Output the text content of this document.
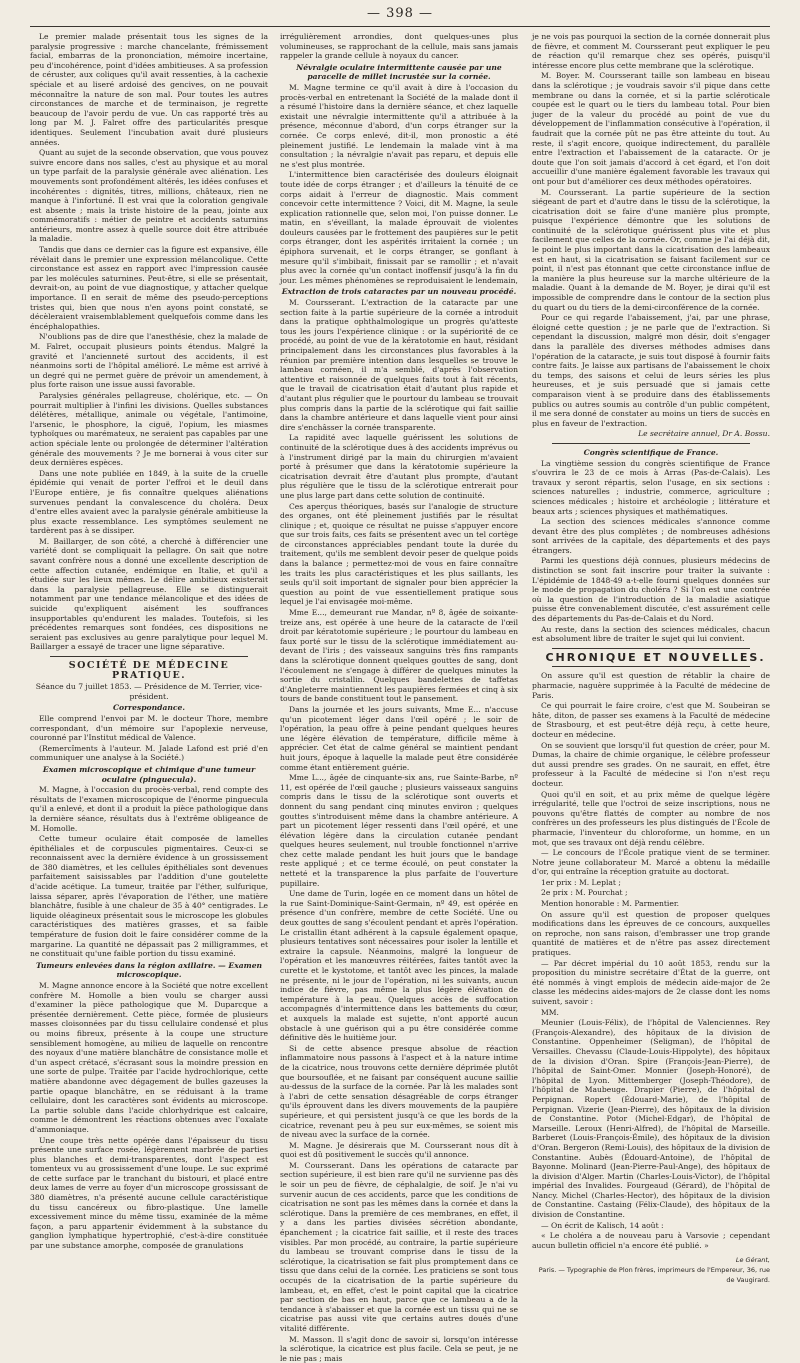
— 398 —

Le premier malade présentait tous les signes de la paralysie progressive : marche chancelante, frémissement facial, embarras de la prononciation, mémoire incertaine, peu d'incohérence, point d'idées ambitieuses. A sa profession de céruster, aux coliques qu'il avait ressenties, à la cachexie spéciale et au liseré ardoisé des gencives, on ne pouvait méconnaître la nature de son mal. Pour toutes les autres circonstances de marche et de terminaison, je regrette beaucoup de l'avoir perdu de vue. Un cas rapporté très au long par M. J. Falret offre des particularités presque identiques. Seulement l'incubation avait duré plusieurs années.

Quant au sujet de la seconde observation, que vous pouvez suivre encore dans nos salles, c'est au physique et au moral un type parfait de la paralysie générale avec aliénation. Les mouvements sont profondément altérés, les idées confuses et incohérentes : dignités, titres, millions, châteaux, rien ne manque à l'infortuné. Il est vrai que la coloration gengivale est absente ; mais la triste histoire de la peau, jointe aux commémoratifs : métier de peintre et accidents saturnins antérieurs, montre assez à quelle source doit être attribuée la maladie.

Tandis que dans ce dernier cas la figure est expansive, élle révèlait dans le premier une expression mélancolique. Cette circonstance est assez en rapport avec l'impression causée par les molécules saturnines. Peut-être, si elle se présentait, devrait-on, au point de vue diagnostique, y attacher quelque importance. Il en serait de même des pseudo-perceptions tristes qui, bien que nous n'en ayons point constaté, se décèleraient vraisemblablement quelquefois comme dans les éncéphalopathies.

N'oublions pas de dire que l'anesthésie, chez la malade de M. Falret, occupait plusieurs points étendus. Malgré la gravité et l'ancienneté surtout des accidents, il est néanmoins sorti de l'hôpital amélioré. Le même est arrivé à un degré qui ne permet guère de prévoir un amendement, à plus forte raison une issue aussi favorable.

Paralysies générales pellagreuse, cholérique, etc. — On pourrait multiplier à l'infini les divisions. Quelles substances délétères, métallique, animale ou végétale, l'antimoine, l'arsenic, le phosphore, la ciguë, l'opium, les miasmes typhoïques ou marémateux, ne seraient pas capables par une action spéciale lente ou prolongée de déterminer l'altération générale des mouvements ? Je me bornerai à vous citer sur deux dernières espèces.

Dans une note publiée en 1849, à la suite de la cruelle épidémie qui venait de porter l'effroi et le deuil dans l'Europe entière, je fis connaître quelques aliénations survenues pendant la convalescence du choléra. Deux d'entre elles avaient avec la paralysie générale ambitieuse la plus exacte ressemblance. Les symptômes seulement ne tardèrent pas à se dissiper.

M. Baillarger, de son côté, a cherché à différencier une variété dont se compliquait la pellagre. On sait que notre savant confrère nous a donné une excellente description de cette affection cutanée, endémique en Italie, et qu'il a étudiée sur les lieux mêmes. Le délire ambitieux existerait dans la paralysie pellagreuse. Elle se distinguerait notamment par une tendance mélancolique et des idées de suicide qu'expliquent aisément les souffrances insupportables qu'endurent les malades. Toutefois, si les précédentes remarques sont fondées, ces dispositions ne seraient pas exclusives au genre paralytique pour lequel M. Baillarger a essayé de tracer une ligne séparative.

SOCIÉTÉ DE MÉDECINE PRATIQUE.

Séance du 7 juillet 1853. — Présidence de M. Terrier, vice-président.

Correspondance.

Elle comprend l'envoi par M. le docteur Thore, membre correspondant, d'un mémoire sur l'apoplexie nerveuse, couronné par l'Institut médical de Valence.

(Remercîments à l'auteur. M. Jalade Lafond est prié d'en communiquer une analyse à la Société.)

Examen microscopique et chimique d'une tumeur oculaire (pinguecula).

M. Magne, à l'occasion du procès-verbal, rend compte des résultats de l'examen microscopique de l'énorme pinguecula qu'il a enlevé, et dont il a produit la pièce pathologique dans la dernière séance, résultats dus à l'extrême obligeance de M. Homolle.

Cette tumeur oculaire était composée de lamelles épithéliales et de corpuscules pigmentaires. Ceux-ci se reconnaissent avec la dernière évidence à un grossissement de 380 diamètres, et les cellules épithéliales sont devenues parfaitement saisissables par l'addition d'une goutelette d'acide acétique. La tumeur, traitée par l'éther, sulfurique, laissa séparer, après l'évaporation de l'éther, une matière blanchâtre, fusible à une chaleur de 35 à 40° centigrades. Le liquide oléagineux présentait sous le microscope les globules caractéristiques des matières grasses, et sa faible température de fusion doit le faire considérer comme de la margarine. La quantité ne dépassait pas 2 milligrammes, et ne constituait qu'une faible portion du tissu examiné.

Tumeurs enlevées dans la région axillaire. — Examen microscopique.

M. Magne annonce encore à la Société que notre excellent confrère M. Homolle a bien voulu se charger aussi d'examiner la pièce pathologique que M. Duparcque a présentée dernièrement. Cette pièce, formée de plusieurs masses cloisonnées par du tissu cellulaire condensé et plus ou moins fibreux, présente à la coupe une structure sensiblement homogène, au milieu de laquelle on rencontre des noyaux d'une matière blanchâtre de consistance molle et d'un aspect crétacé, s'écrasant sous la moindre pression en une sorte de pulpe. Traitée par l'acide hydrochlorique, cette matière abandonne avec dégagement de bulles gazeuses la partie opaque blanchâtre, en se réduisant à la trame cellulaire, dont les caractères sont évidents au microscope. La partie soluble dans l'acide chlorhydrique est calcaire, comme le démontrent les réactions obtenues avec l'oxalate d'ammoniaque.

Une coupe très nette opérée dans l'épaisseur du tissu présente une surface rosée, légèrement marbrée de parties plus blanches et demi-transparentes, dont l'aspect est tomenteux vu au grossissement d'une loupe. Le suc exprimé de cette surface par le tranchant du bistouri, et placé entre deux lames de verre au foyer d'un microscope grossissant de 380 diamètres, n'a présenté aucune cellule caractéristique du tissu cancéreux ou fibro-plastique. Une lamelle excessivement mince du même tissu, examinée de la même façon, a paru appartenir évidemment à la substance du ganglion lymphatique hypertrophié, c'est-à-dire constituée par une substance amorphe, composée de granulations

irrégulièrement arrondies, dont quelques-unes plus volumineuses, se rapprochant de la cellule, mais sans jamais rappeler la grande cellule à noyaux du cancer.

Névralgie oculaire intermittente causée par une paracelle de millet incrustée sur la cornée.

M. Magne termine ce qu'il avait à dire à l'occasion du procès-verbal en entretenant la Société de la malade dont il a résumé l'histoire dans la dernière séance, et chez laquelle existait une névralgie intermittente qu'il a attribuée à la présence, méconnue d'abord, d'un corps étranger sur la cornée. Ce corps enlevé, dit-il, mon pronostic a été pleinement justifié. Le lendemain la malade vint à ma consultation ; la névralgie n'avait pas reparu, et depuis elle ne s'est plus montrée.

L'intermittence bien caractérisée des douleurs éloignait toute idée de corps étranger ; et d'ailleurs la ténuité de ce corps aidait à l'erreur de diagnostic. Mais comment concevoir cette intermittence ? Voici, dit M. Magne, la seule explication rationnelle que, selon moi, l'on puisse donner. Le matin, en s'éveillant, la malade éprouvait de violentes douleurs causées par le frottement des paupières sur le petit corps étranger, dont les aspérités irritaient la cornée ; un épiphora survenait, et le corps étranger, se gonflant à mesure qu'il s'imbibait, finissait par se ramollir ; et n'avait plus avec la cornée qu'un contact inoffensif jusqu'à la fin du jour. Les mêmes phénomènes se reproduisaient le lendemain,

Extraction de trois cataractes par un nouveau procédé.

M. Coursserant. L'extraction de la cataracte par une section faite à la partie supérieure de la cornée a introduit dans la pratique ophthalmologique un progrès qu'atteste tous les jours l'expérience clinique : or la supériorité de ce procédé, au point de vue de la kératotomie en haut, résidant principalement dans les circonstances plus favorables à la réunion par première intention dans lesquelles se trouve le lambeau cornéen, il m'a semblé, d'après l'observation attentive et raisonnée de quelques faits tout à fait récents, que le travail de cicatrisation était d'autant plus rapide et d'autant plus régulier que le pourtour du lambeau se trouvait plus compris dans la partie de la sclérotique qui fait saillie dans la chambre antérieure et dans laquelle vient pour ainsi dire s'enchâsser la cornée transparente.

La rapidité avec laquelle guérissent les solutions de continuité de la sclérotique dues à des accidents imprévus ou à l'instrument dirigé par la main du chirurgien m'avaient porté à présumer que dans la kératotomie supérieure la cicatrisation devrait être d'autant plus prompte, d'autant plus régulière que le tissu de la sclérotique entrerait pour une plus large part dans cette solution de continuité.

Ces aperçus théoriques, basés sur l'analogie de structure des organes, ont été pleinement justifiés par le résultat clinique ; et, quoique ce résultat ne puisse s'appuyer encore que sur trois faits, ces faits se présentent avec un tel cortège de circonstances appréciables pendant toute la durée du traitement, qu'ils me semblent devoir peser de quelque poids dans la balance ; permettez-moi de vous en faire connaître les traits les plus caractéristiques et les plus saillants, les seuls qu'il soit important de signaler pour bien apprécier la question au point de vue essentiellement pratique sous lequel je l'ai envisagée moi-même.

Mme E..., demeurant rue Mandar, nº 8, âgée de soixante-treize ans, est opérée à une heure de la cataracte de l'œil droit par kératotomie supérieure ; le pourtour du lambeau en faux porté sur le tissu de la sclérotique immédiatement au-devant de l'iris ; des vaisseaux sanguins très fins rampants dans la sclérotique donnent quelques gouttes de sang, dont l'écoulement ne s'engage à différer de quelques minutes la sortie du cristallin. Quelques bandelettes de taffetas d'Angleterre maintiennent les paupières fermées et cinq à six tours de bande constituent tout le pansement.

Dans la journée et les jours suivants, Mme E... n'accuse qu'un picotement léger dans l'œil opéré ; le soir de l'opération, la peau offre à peine pendant quelques heures une légère élévation de température, difficile même à apprécier. Cet état de calme général se maintient pendant huit jours, époque à laquelle la malade peut être considérée comme étant entièrement guérie.

Mme L..., âgée de cinquante-six ans, rue Sainte-Barbe, nº 11, est opérée de l'œil gauche ; plusieurs vaisseaux sanguins compris dans le tissu de la sclérotique sont ouverts et donnent du sang pendant cinq minutes environ ; quelques gouttes s'introduisent même dans la chambre antérieure. A part un picotement léger ressenti dans l'œil opéré, et une élévation légère dans la circulation cutanée pendant quelques heures seulement, nul trouble fonctionnel n'arrive chez cette malade pendant les huit jours que le bandage reste appliqué ; et ce terme écoulé, on peut constater la netteté et la transparence la plus parfaite de l'ouverture pupillaire.

Une dame de Turin, logée en ce moment dans un hôtel de la rue Saint-Dominique-Saint-Germain, nº 49, est opérée en présence d'un confrère, membre de cette Société. Une ou deux gouttes de sang s'écoulent pendant et après l'opération. Le cristallin étant adhérent à la capsule également opaque, plusieurs tentatives sont nécessaires pour isoler la lentille et extraire la capsule. Néanmoins, malgré la longueur de l'opération et les manœuvres réitérées, faites tantôt avec la curette et le kystotome, et tantôt avec les pinces, la malade ne présente, ni le jour de l'opération, ni les suivants, aucun indice de fièvre, pas même la plus légère élévation de température à la peau. Quelques accès de suffocation accompagnés d'intermittence dans les battements du cœur, et auxquels la malade est sujette, n'ont apporté aucun obstacle à une guérison qui a pu être considérée comme définitive dès le huitième jour.

Si de cette absence presque absolue de réaction inflammatoire nous passons à l'aspect et à la nature intime de la cicatrice, nous trouvons cette dernière déprimée plutôt que boursouflée, et ne faisant par conséquent aucune saillie au-dessus de la surface de la cornée. Par là les malades sont à l'abri de cette sensation désagréable de corps étranger qu'ils éprouvent dans les divers mouvements de la paupière supérieure, et qui persistent jusqu'à ce que les bords de la cicatrice, revenant peu à peu sur eux-mêmes, se soient mis de niveau avec la surface de la cornée.

M. Magne. Je désirerais que M. Coursserant nous dît à quoi est dû positivement le succès qu'il annonce.

M. Coursserant. Dans les opérations de cataracte par section supérieure, il est bien rare qu'il ne survienne pas dès le soir un peu de fièvre, de céphalalgie, de soif. Je n'ai vu survenir aucun de ces accidents, parce que les conditions de cicatrisation ne sont pas les mêmes dans la cornée et dans la sclérotique. Dans la première de ces membranes, en effet, il y a dans les parties divisées sécrétion abondante, épanchement ; la cicatrice fait saillie, et il reste des traces visibles. Par mon procédé, au contraire, la partie supérieure du lambeau se trouvant comprise dans le tissu de la sclérotique, la cicatrisation se fait plus promptement dans ce tissu que dans celui de la cornée. Les praticiens se sont tous occupés de la cicatrisation de la partie supérieure du lambeau, et, en effet, c'est le point capital que la cicatrice par section de bas en haut, parce que ce lambeau a de la tendance à s'abaisser et que la cornée est un tissu qui ne se cicatrise pas aussi vite que certains autres doués d'une vitalité différente.

M. Masson. Il s'agit donc de savoir si, lorsqu'on intéresse la sclérotique, la cicatrice est plus facile. Cela se peut, je ne le nie pas ; mais

je ne vois pas pourquoi la section de la cornée donnerait plus de fièvre, et comment M. Coursserant peut expliquer le peu de réaction qu'il remarque chez ses opérés, puisqu'il intéresse encore plus cette membrane que la sclérotique.

M. Boyer. M. Coursserant taille son lambeau en biseau dans la sclérotique ; je voudrais savoir s'il pique dans cette membrane ou dans la cornée, et si la partie scléroticale coupée est le quart ou le tiers du lambeau total. Pour bien juger de la valeur du procédé au point de vue du développement de l'inflammation consécutive à l'opération, il faudrait que la cornée pût ne pas être atteinte du tout. Au reste, il s'agit encore, quoique indirectement, du parallèle entre l'extraction et l'abaissement de la cataracte. Or je doute que l'on soit jamais d'accord à cet égard, et l'on doit accueillir d'une manière également favorable les travaux qui ont pour but d'améliorer ces deux méthodes opératoires.

M. Coursserant. La partie supérieure de la section siégeant de part et d'autre dans le tissu de la sclérotique, la cicatrisation doit se faire d'une manière plus prompte, puisque l'expérience démontre que les solutions de continuité de la sclérotique guérissent plus vite et plus facilement que celles de la cornée. Or, comme je l'ai déjà dit, le point le plus important dans la cicatrisation des lambeaux est en haut, si la cicatrisation se faisant facilement sur ce point, il n'est pas étonnant que cette circonstance influe de la manière la plus heureuse sur la marche ultérieure de la maladie. Quant à la demande de M. Boyer, je dirai qu'il est impossible de comprendre dans le contour de la section plus du quart ou du tiers de la demi-circonférence de la cornée.

Pour ce qui regarde l'abaissement, j'ai, par une phrase, éloigné cette question ; je ne parle que de l'extraction. Si cependant la discussion, malgré mon désir, doit s'engager dans la parallèle des diverses méthodes admises dans l'opération de la cataracte, je suis tout disposé à fournir faits contre faits. Je laisse aux partisans de l'abaissement le choix du temps, des saisons et celui de leurs séries les plus heureuses, et je suis persuadé que si jamais cette comparaison vient à se produire dans des établissements publics ou autres soumis au contrôle d'un public compétent, il me sera donné de constater au moins un tiers de succès en plus en faveur de l'extraction.

Le secrétaire annuel, Dr A. Bossu.

Congrès scientifique de France.

La vingtième session du congrès scientifique de France s'ouvrira le 23 de ce mois à Arras (Pas-de-Calais). Les travaux y seront répartis, selon l'usage, en six sections : sciences naturelles ; industrie, commerce, agriculture ; sciences médicales ; histoire et archéologie ; littérature et beaux arts ; sciences physiques et mathématiques.

La section des sciences médicales s'annonce comme devant être des plus complètes ; de nombreuses adhésions sont arrivées de la capitale, des départements et des pays étrangers.

Parmi les questions déjà connues, plusieurs médecins de distinction se sont fait inscrire pour traiter la suivante : L'épidémie de 1848-49 a-t-elle fourni quelques données sur le mode de propagation du choléra ? Si l'on est une contrée où la question de l'introduction de la maladie asiatique puisse être convenablement discutée, c'est assurément celle des départements du Pas-de-Calais et du Nord.

Au reste, dans la section des sciences médicales, chacun est absolument libre de traiter le sujet qui lui convient.

CHRONIQUE ET NOUVELLES.

On assure qu'il est question de rétablir la chaire de pharmacie, naguère supprimée à la Faculté de médecine de Paris.

Ce qui pourrait le faire croire, c'est que M. Soubeiran se hâte, diton, de passer ses examens à la Faculté de médecine de Strasbourg, et est peut-être déjà reçu, à cette heure, docteur en médecine.

On se souvient que lorsqu'il fut question de créer, pour M. Dumas, la chaire de chimie organique, le célèbre professeur dut aussi prendre ses grades. On ne saurait, en effet, être professeur à la Faculté de médecine si l'on n'est reçu docteur.

Quoi qu'il en soit, et au prix même de quelque légère irrégularité, telle que l'octroi de seize inscriptions, nous ne pouvons qu'être flattés de compter au nombre de nos confrères un des professeurs les plus distingués de l'École de pharmacie, l'inventeur du chloroforme, un homme, en un mot, que ses travaux ont déjà rendu célèbre.

— Le concours de l'École pratique vient de se terminer. Notre jeune collaborateur M. Marcé a obtenu la médaille d'or, qui entraîne la réception gratuite au doctorat.

1er prix : M. Leplat ;

2e prix : M. Pourchat ;

Mention honorable : M. Parmentier.

On assure qu'il est question de proposer quelques modifications dans les épreuves de ce concours, auxquelles on reproche, non sans raison, d'embrasser une trop grande quantité de matières et de n'être pas assez directement pratiques.

— Par décret impérial du 10 août 1853, rendu sur la proposition du ministre secrétaire d'État de la guerre, ont été nommés à vingt emplois de médecin aide-major de 2e classe les médecins aides-majors de 2e classe dont les noms suivent, savoir :

MM.

Meunier (Louis-Félix), de l'hôpital de Valenciennes. Rey (François-Alexandre), des hôpitaux de la division de Constantine. Oppenheimer (Seligman), de l'hôpital de Versailles. Chevassu (Claude-Louis-Hippolyte), des hôpitaux de la division d'Oran. Spire (François-Jean-Pierre), de l'hôpital de Saint-Omer. Monnier (Joseph-Honoré), de l'hôpital de Lyon. Mittemberger (Joseph-Théodore), de l'hôpital de Maubeuge. Drapier (Pierre), de l'hôpital de Perpignan. Ropert (Édouard-Marie), de l'hôpital de Perpignan. Vizerie (Jean-Pierre), des hôpitaux de la division de Constantine. Potor (Michel-Edgar), de l'hôpital de Marseille. Leroux (Henri-Alfred), de l'hôpital de Marseille. Barberet (Louis-François-Émile), des hôpitaux de la division d'Oran. Bergeron (Remi-Louis), des hôpitaux de la division de Constantine. Aubès (Édouard-Antoine), de l'hôpital de Bayonne. Molinard (Jean-Pierre-Paul-Ange), des hôpitaux de la division d'Alger. Martin (Charles-Louis-Victor), de l'hôpital impérial des Invalides. Fourgeaud (Gérard), de l'hôpital de Nancy. Michel (Charles-Hector), des hôpitaux de la division de Constantine. Castaing (Félix-Claude), des hôpitaux de la division de Constantine.

— On écrit de Kalisch, 14 août :

« Le choléra a de nouveau paru à Varsovie ; cependant aucun bulletin officiel n'a encore été publié. »

Le Gérant,
Paris. — Typographie de Plon frères, imprimeurs de l'Empereur, 36, rue de Vaugirard.
